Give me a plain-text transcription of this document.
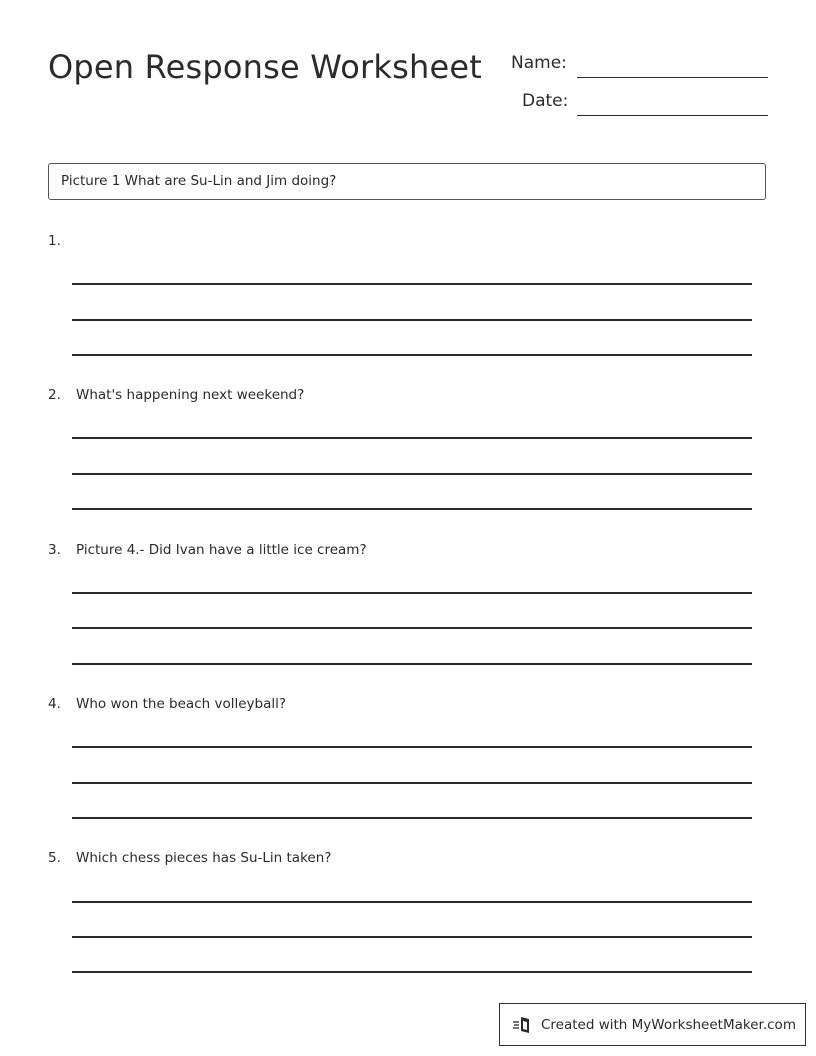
Open Response Worksheet Name:
Date:
Picture 1 What are Su-Lin and Jim doing?
1.
2. What's happening next weekend?
3. Picture 4.- Did Ivan have a little ice cream?
4. Who won the beach volleyball?
5. Which chess pieces has Su-Lin taken?
Created with MyWorksheetMaker.com
